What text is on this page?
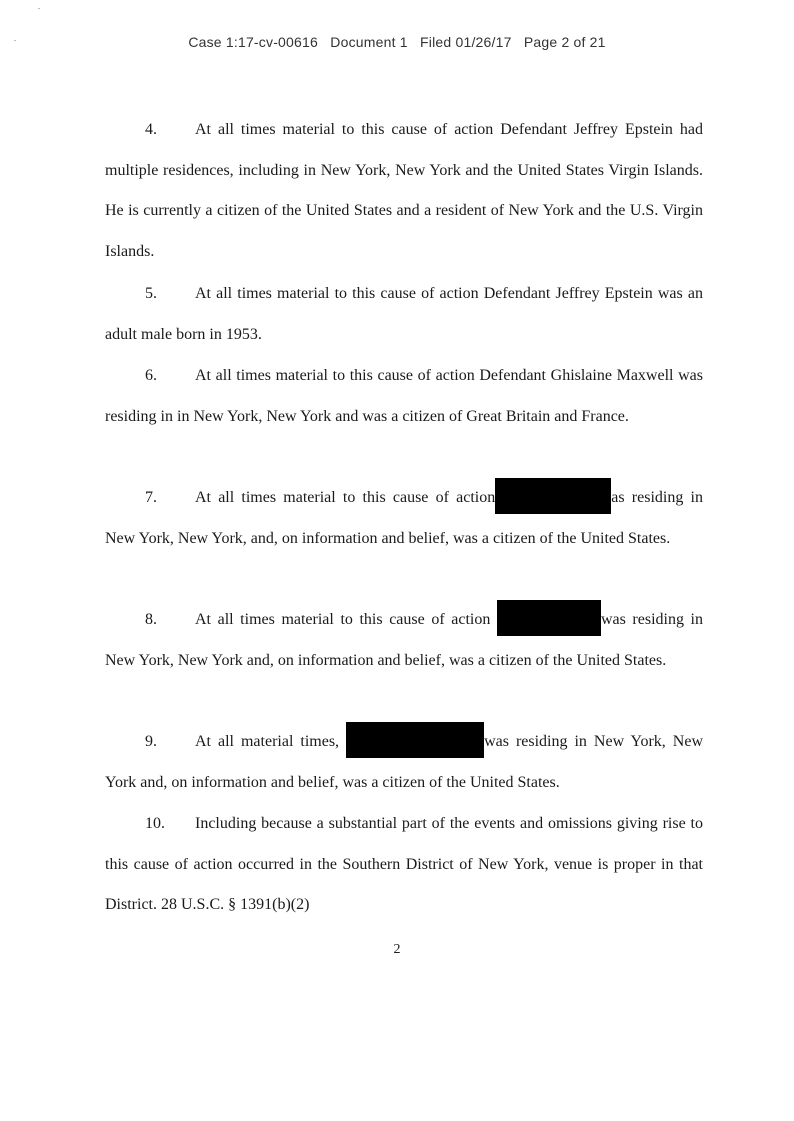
Case 1:17-cv-00616 Document 1 Filed 01/26/17 Page 2 of 21
4. At all times material to this cause of action Defendant Jeffrey Epstein had multiple residences, including in New York, New York and the United States Virgin Islands. He is currently a citizen of the United States and a resident of New York and the U.S. Virgin Islands.
5. At all times material to this cause of action Defendant Jeffrey Epstein was an adult male born in 1953.
6. At all times material to this cause of action Defendant Ghislaine Maxwell was residing in in New York, New York and was a citizen of Great Britain and France.
7. At all times material to this cause of action	as residing in New York, New York, and, on information and belief, was a citizen of the United States.
8. At all times material to this cause of action	was residing in New York, New York and, on information and belief, was a citizen of the United States.
9. At all material times,	was residing in New York, New York and, on information and belief, was a citizen of the United States.
10. Including because a substantial part of the events and omissions giving rise to this cause of action occurred in the Southern District of New York, venue is proper in that District. 28 U.S.C. § 1391(b)(2)
2
